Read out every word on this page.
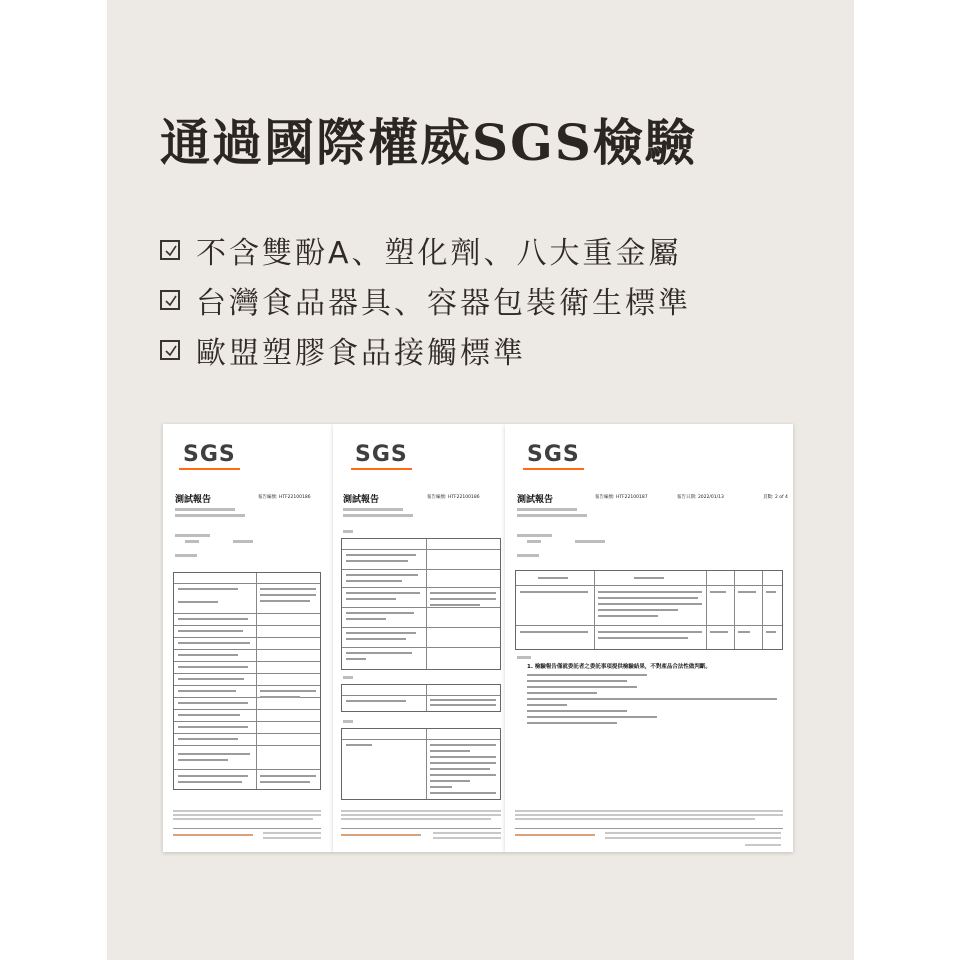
通過國際權威SGS檢驗
不含雙酚A、塑化劑、八大重金屬
台灣食品器具、容器包裝衛生標準
歐盟塑膠食品接觸標準
SGS
測試報告	報告編號: HTF22100186
SGS
測試報告	報告編號: HTF22100186
SGS
測試報告	報告編號: HTF22100187	報告日期: 2022/01/13	頁數: 2 of 4
1. 檢驗報告僅就委託者之委託事項提供檢驗結果，不對產品合法性做判斷。
